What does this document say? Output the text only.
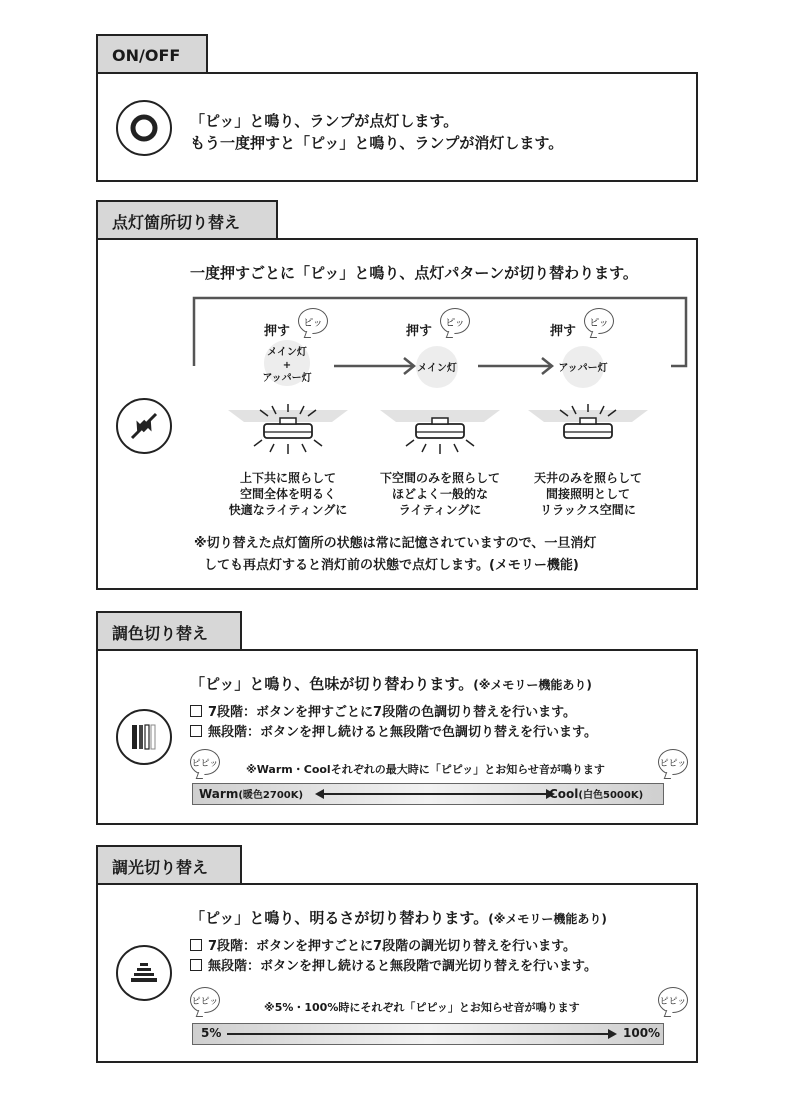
ON/OFF
「ピッ」と鳴り、ランプが点灯します。
もう一度押すと「ピッ」と鳴り、ランプが消灯します。
点灯箇所切り替え
一度押すごとに「ピッ」と鳴り、点灯パターンが切り替わります。
押す
ピッ
メイン灯
+
アッパー灯
押す
ピッ
メイン灯
押す
ピッ
アッパー灯
上下共に照らして
空間全体を明るく
快適なライティングに
下空間のみを照らして
ほどよく一般的な
ライティングに
天井のみを照らして
間接照明として
リラックス空間に
※切り替えた点灯箇所の状態は常に記憶されていますので、一旦消灯
しても再点灯すると消灯前の状態で点灯します。(メモリー機能)
調色切り替え
「ピッ」と鳴り、色味が切り替わります。(※メモリー機能あり)
7段階：ボタンを押すごとに7段階の色調切り替えを行います。
無段階：ボタンを押し続けると無段階で色調切り替えを行います。
ピピッ	ピピッ
※Warm・Coolそれぞれの最大時に「ピピッ」とお知らせ音が鳴ります
Warm(暖色2700K)	Cool(白色5000K)
調光切り替え
「ピッ」と鳴り、明るさが切り替わります。(※メモリー機能あり)
7段階：ボタンを押すごとに7段階の調光切り替えを行います。
無段階：ボタンを押し続けると無段階で調光切り替えを行います。
ピピッ	ピピッ
※5%・100%時にそれぞれ「ピピッ」とお知らせ音が鳴ります
5%	100%
